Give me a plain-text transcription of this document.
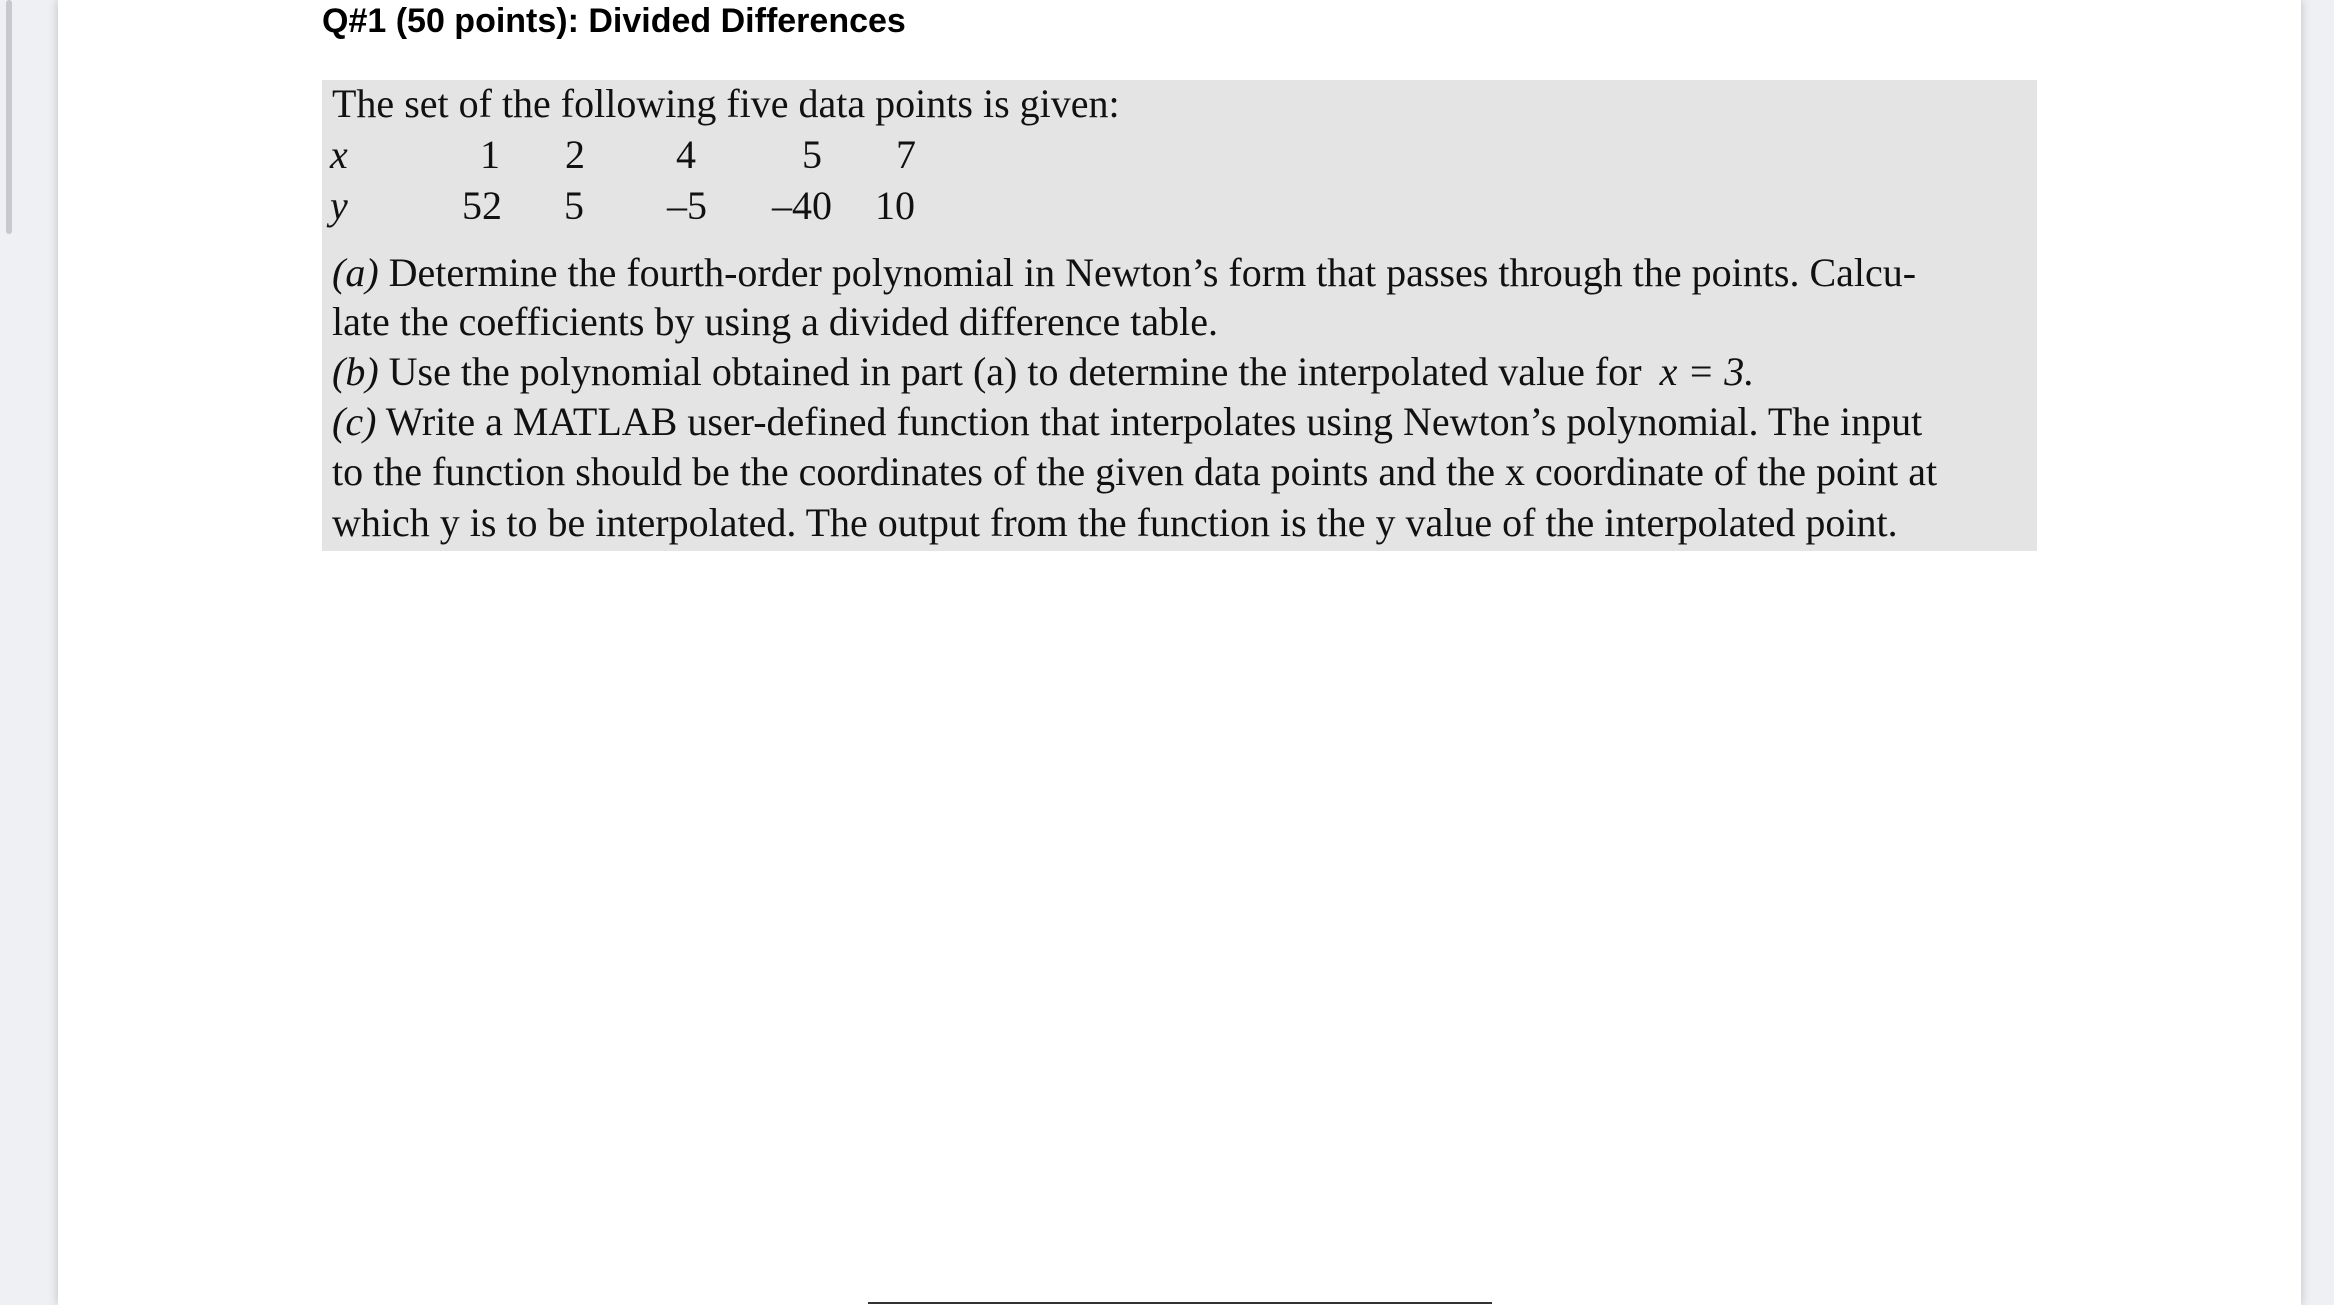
Q#1 (50 points): Divided Differences
The set of the following five data points is given:
x	1 2 4	5 7
y	52 5 –5 –40 10
(a) Determine the fourth-order polynomial in Newton’s form that passes through the points. Calcu-
late the coefficients by using a divided difference table.
(b) Use the polynomial obtained in part (a) to determine the interpolated value for x = 3.
(c) Write a MATLAB user-defined function that interpolates using Newton’s polynomial. The input
to the function should be the coordinates of the given data points and the x coordinate of the point at
which y is to be interpolated. The output from the function is the y value of the interpolated point.
